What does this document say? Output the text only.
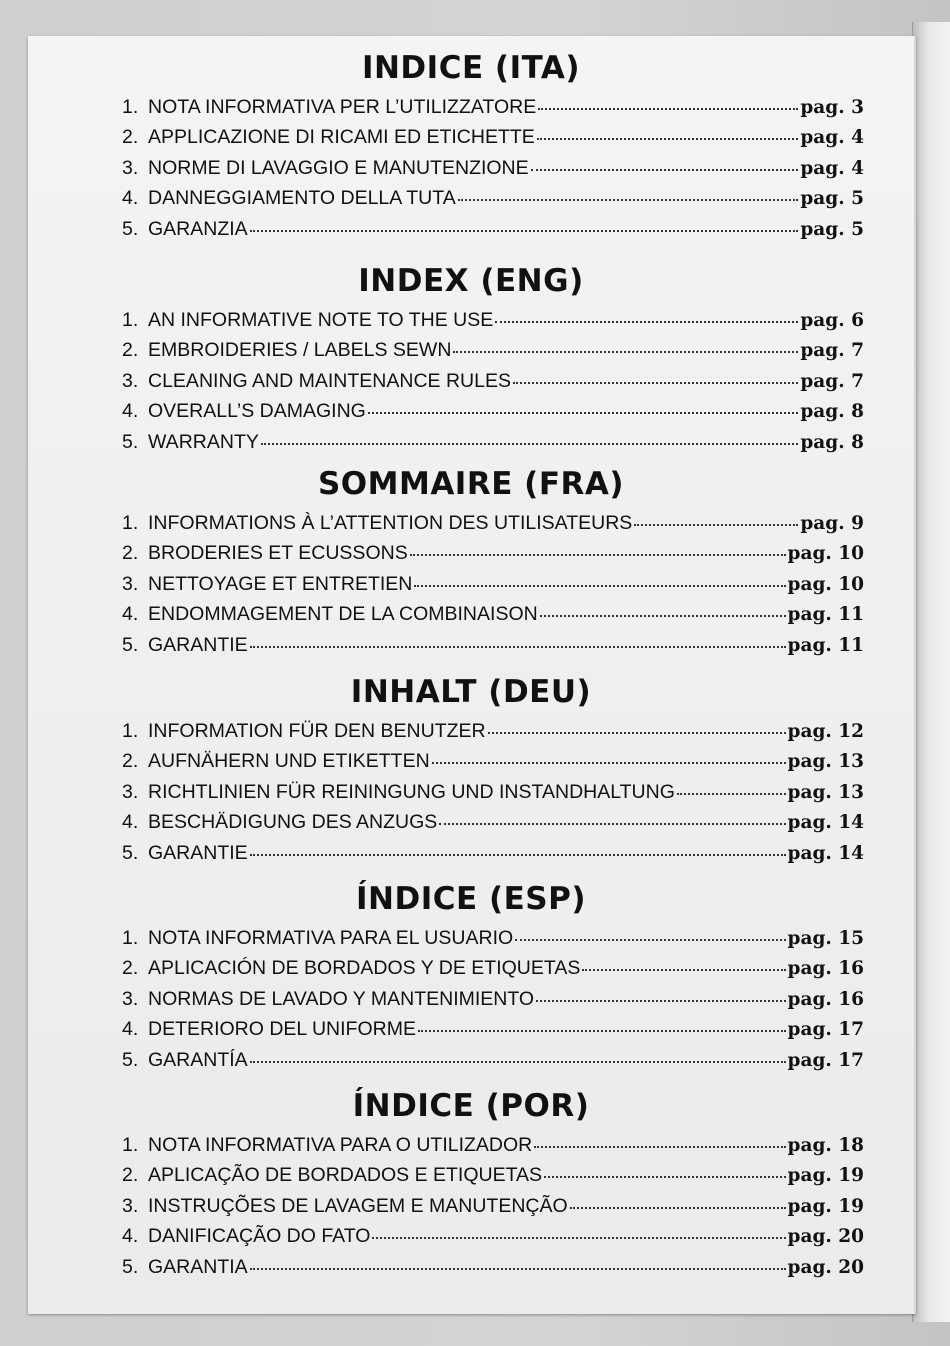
INDICE (ITA)
1. NOTA INFORMATIVA PER L’UTILIZZATORE	pag. 3
2. APPLICAZIONE DI RICAMI ED ETICHETTE	pag. 4
3. NORME DI LAVAGGIO E MANUTENZIONE	pag. 4
4. DANNEGGIAMENTO DELLA TUTA	pag. 5
5. GARANZIA	pag. 5
INDEX (ENG)
1. AN INFORMATIVE NOTE TO THE USE	pag. 6
2. EMBROIDERIES / LABELS SEWN	pag. 7
3. CLEANING AND MAINTENANCE RULES	pag. 7
4. OVERALL’S DAMAGING	pag. 8
5. WARRANTY	pag. 8
SOMMAIRE (FRA)
1. INFORMATIONS À L’ATTENTION DES UTILISATEURS	pag. 9
2. BRODERIES ET ECUSSONS	pag. 10
3. NETTOYAGE ET ENTRETIEN	pag. 10
4. ENDOMMAGEMENT DE LA COMBINAISON	pag. 11
5. GARANTIE	pag. 11
INHALT (DEU)
1. INFORMATION FÜR DEN BENUTZER	pag. 12
2. AUFNÄHERN UND ETIKETTEN	pag. 13
3. RICHTLINIEN FÜR REININGUNG UND INSTANDHALTUNG	pag. 13
4. BESCHÄDIGUNG DES ANZUGS	pag. 14
5. GARANTIE	pag. 14
ÍNDICE (ESP)
1. NOTA INFORMATIVA PARA EL USUARIO	pag. 15
2. APLICACIÓN DE BORDADOS Y DE ETIQUETAS	pag. 16
3. NORMAS DE LAVADO Y MANTENIMIENTO	pag. 16
4. DETERIORO DEL UNIFORME	pag. 17
5. GARANTÍA	pag. 17
ÍNDICE (POR)
1. NOTA INFORMATIVA PARA O UTILIZADOR	pag. 18
2. APLICAÇÃO DE BORDADOS E ETIQUETAS	pag. 19
3. INSTRUÇÕES DE LAVAGEM E MANUTENÇÃO	pag. 19
4. DANIFICAÇÃO DO FATO	pag. 20
5. GARANTIA	pag. 20
